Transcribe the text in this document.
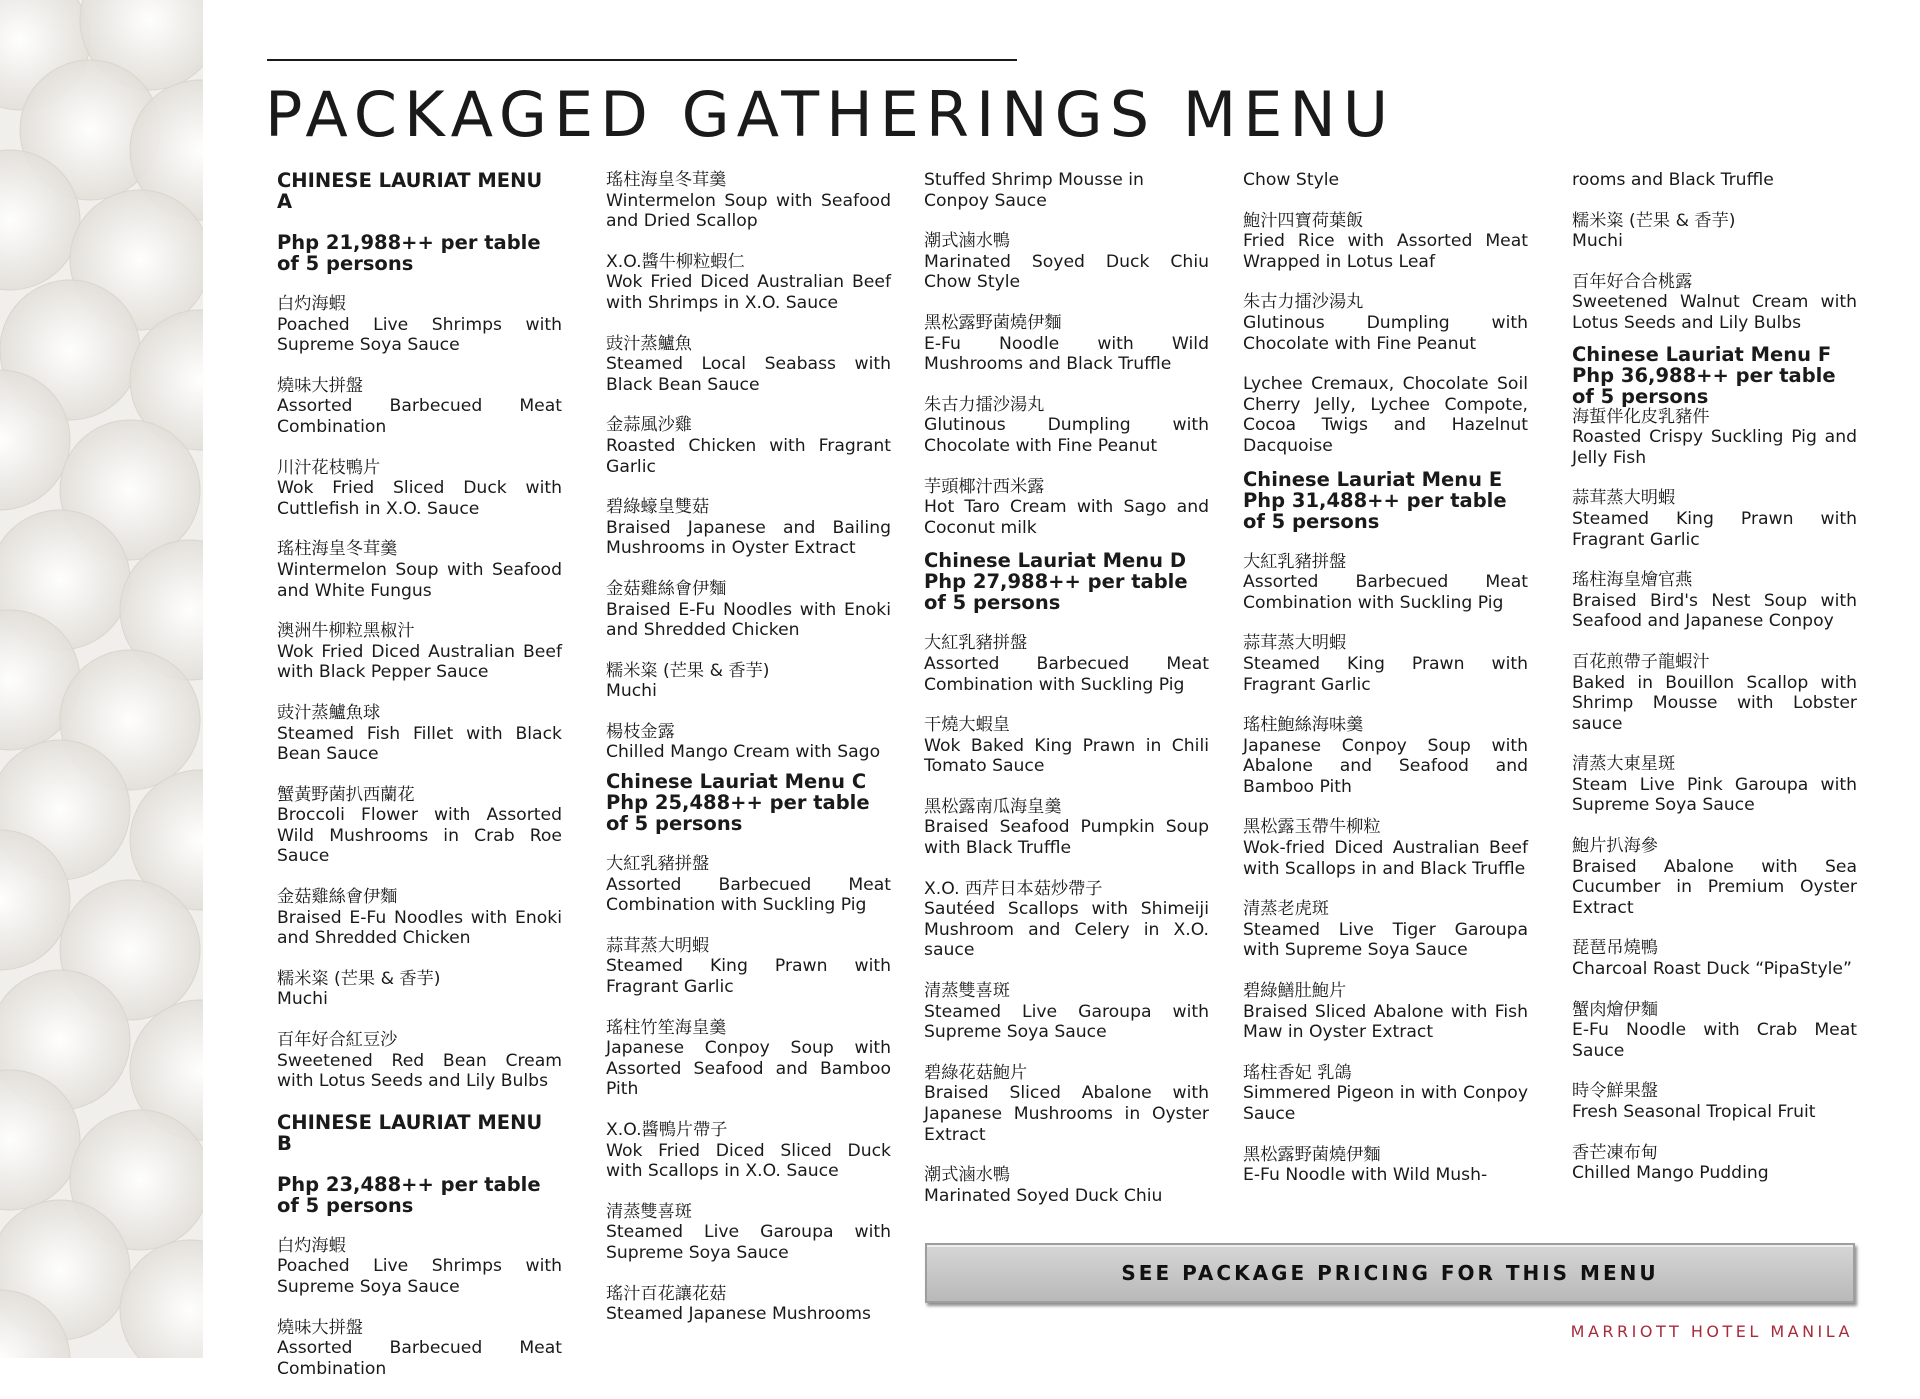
PACKAGED GATHERINGS MENU
CHINESE LAURIAT MENU A
Php 21,988++ per table of 5 persons
白灼海蝦
Poached Live Shrimps with Supreme Soya Sauce
燒味大拼盤
Assorted Barbecued Meat Combination
川汁花枝鴨片
Wok Fried Sliced Duck with Cuttlefish in X.O. Sauce
瑤柱海皇冬茸羹
Wintermelon Soup with Seafood and White Fungus
澳洲牛柳粒黑椒汁
Wok Fried Diced Australian Beef with Black Pepper Sauce
豉汁蒸鱸魚球
Steamed Fish Fillet with Black Bean Sauce
蟹黃野菌扒西蘭花
Broccoli Flower with Assorted Wild Mushrooms in Crab Roe Sauce
金菇雞絲會伊麵
Braised E-Fu Noodles with Enoki and Shredded Chicken
糯米粢 (芒果 & 香芋)
Muchi
百年好合紅豆沙
Sweetened Red Bean Cream with Lotus Seeds and Lily Bulbs
CHINESE LAURIAT MENU B
Php 23,488++ per table of 5 persons
白灼海蝦
Poached Live Shrimps with Supreme Soya Sauce
燒味大拼盤
Assorted Barbecued Meat Combination
瑤柱海皇冬茸羹
Wintermelon Soup with Seafood and Dried Scallop
X.O.醬牛柳粒蝦仁
Wok Fried Diced Australian Beef with Shrimps in X.O. Sauce
豉汁蒸鱸魚
Steamed Local Seabass with Black Bean Sauce
金蒜風沙雞
Roasted Chicken with Fragrant Garlic
碧綠蠔皇雙菇
Braised Japanese and Bailing Mushrooms in Oyster Extract
金菇雞絲會伊麵
Braised E-Fu Noodles with Enoki and Shredded Chicken
糯米粢 (芒果 & 香芋)
Muchi
楊枝金露
Chilled Mango Cream with Sago
Chinese Lauriat Menu C
Php 25,488++ per table of 5 persons
大紅乳豬拼盤
Assorted Barbecued Meat Combination with Suckling Pig
蒜茸蒸大明蝦
Steamed King Prawn with Fragrant Garlic
瑤柱竹笙海皇羹
Japanese Conpoy Soup with Assorted Seafood and Bamboo Pith
X.O.醬鴨片帶子
Wok Fried Diced Sliced Duck with Scallops in X.O. Sauce
清蒸雙喜斑
Steamed Live Garoupa with Supreme Soya Sauce
瑤汁百花讓花菇
Steamed Japanese Mushrooms
Stuffed Shrimp Mousse in Conpoy Sauce
潮式滷水鴨
Marinated Soyed Duck Chiu Chow Style
黑松露野菌燒伊麵
E-Fu Noodle with Wild Mushrooms and Black Truffle
朱古力擂沙湯丸
Glutinous Dumpling with Chocolate with Fine Peanut
芋頭椰汁西米露
Hot Taro Cream with Sago and Coconut milk
Chinese Lauriat Menu D
Php 27,988++ per table of 5 persons
大紅乳豬拼盤
Assorted Barbecued Meat Combination with Suckling Pig
干燒大蝦皇
Wok Baked King Prawn in Chili Tomato Sauce
黑松露南瓜海皇羹
Braised Seafood Pumpkin Soup with Black Truffle
X.O. 西芹日本菇炒帶子
Sautéed Scallops with Shimeiji Mushroom and Celery in X.O. sauce
清蒸雙喜斑
Steamed Live Garoupa with Supreme Soya Sauce
碧綠花菇鮑片
Braised Sliced Abalone with Japanese Mushrooms in Oyster Extract
潮式滷水鴨
Marinated Soyed Duck Chiu
Chow Style
鮑汁四寶荷葉飯
Fried Rice with Assorted Meat Wrapped in Lotus Leaf
朱古力擂沙湯丸
Glutinous Dumpling with Chocolate with Fine Peanut
Lychee Cremaux, Chocolate Soil Cherry Jelly, Lychee Compote, Cocoa Twigs and Hazelnut Dacquoise
Chinese Lauriat Menu E
Php 31,488++ per table of 5 persons
大紅乳豬拼盤
Assorted Barbecued Meat Combination with Suckling Pig
蒜茸蒸大明蝦
Steamed King Prawn with Fragrant Garlic
瑤柱鮑絲海味羹
Japanese Conpoy Soup with Abalone and Seafood and Bamboo Pith
黑松露玉帶牛柳粒
Wok-fried Diced Australian Beef with Scallops in and Black Truffle
清蒸老虎斑
Steamed Live Tiger Garoupa with Supreme Soya Sauce
碧綠鱔肚鮑片
Braised Sliced Abalone with Fish Maw in Oyster Extract
瑤柱香妃 乳鴿
Simmered Pigeon in with Conpoy Sauce
黑松露野菌燒伊麵
E-Fu Noodle with Wild Mush-
rooms and Black Truffle
糯米粢 (芒果 & 香芋)
Muchi
百年好合合桃露
Sweetened Walnut Cream with Lotus Seeds and Lily Bulbs
Chinese Lauriat Menu F
Php 36,988++ per table of 5 persons
海蜇伴化皮乳豬件
Roasted Crispy Suckling Pig and Jelly Fish
蒜茸蒸大明蝦
Steamed King Prawn with Fragrant Garlic
瑤柱海皇燴官燕
Braised Bird's Nest Soup with Seafood and Japanese Conpoy
百花煎帶子龍蝦汁
Baked in Bouillon Scallop with Shrimp Mousse with Lobster sauce
清蒸大東星斑
Steam Live Pink Garoupa with Supreme Soya Sauce
鮑片扒海參
Braised Abalone with Sea Cucumber in Premium Oyster Extract
琵琶吊燒鴨
Charcoal Roast Duck “PipaStyle”
蟹肉燴伊麵
E-Fu Noodle with Crab Meat Sauce
時令鮮果盤
Fresh Seasonal Tropical Fruit
香芒凍布甸
Chilled Mango Pudding
SEE PACKAGE PRICING FOR THIS MENU
MARRIOTT HOTEL MANILA
